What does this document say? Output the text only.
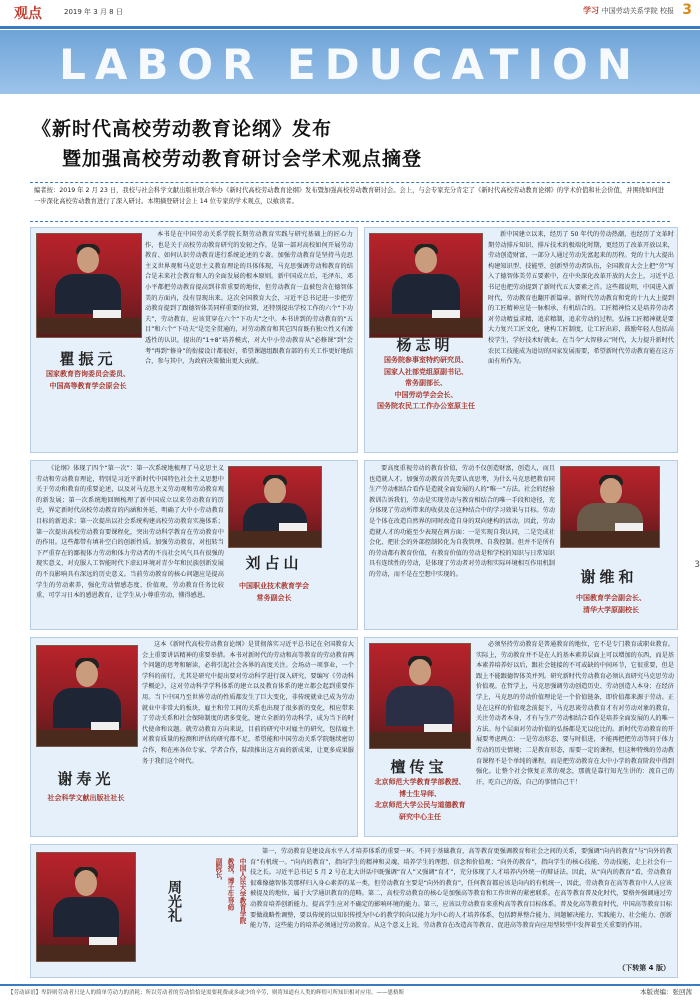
观点	2019 年 3 月 8 日	学习 中国劳动关系学院 校报 3
LABOR EDUCATION
《新时代高校劳动教育论纲》发布
暨加强高校劳动教育研讨会学术观点摘登
编者按：2019 年 2 月 23 日，我校与社会科学文献出版社联合举办《新时代高校劳动教育论纲》发布暨加强高校劳动教育研讨会。会上，与会专家充分肯定了《新时代高校劳动教育论纲》的学术价值和社会价值，并围绕如何进一步深化高校劳动教育进行了深入研讨。本期摘登研讨会上 14 位专家的学术观点，以飨读者。
瞿振元
国家教育咨询委员会委员、
中国高等教育学会原会长
本书是在中国劳动关系学院长期劳动教育实践与研究基础上的匠心力作，也是关于高校劳动教育研究的发轫之作，是第一部对高校如何开展劳动教育、如何认识劳动教育进行系统论述的专著。加强劳动教育是坚持马克思主义世界观和马克思主义教育理论的具体体现，马克思强调劳动和教育的结合是未来社会教育和人的全面发展的根本原则。新中国成立后，毛泽东、邓小平都把劳动教育提高到非常重要的地位，但劳动教育一直被包含在德智体美的方面内，没有显现出来。这次全国教育大会，习近平总书记进一步把劳动教育提到了跟德智体美同样重要的位置，还特别提出学校工作的六个“下功夫”，劳动教育，应该贯穿在六个“下功夫”之中。本书讲到的劳动教育的“五目”和六个“下功夫”是完全贯通的，对劳动教育和其它四育既有独立性又有渗透性的认识，提出的“1+8”培养模式，对大中小劳动教育从“必修课”到“会考”再到“修身”的衔接设计都很好，希望课题组跟教育部的有关工作更好地结合，参与其中，为政府决策做出更大贡献。
杨志明
国务院参事室特约研究员、
国家人社部党组原副书记、
常务副部长、
中国劳动学会会长、
国务院农民工工作办公室原主任
新中国建立以来，经历了 50 年代的劳动热潮，也经历了文革时期劳动排斥知识、排斥技术的极端化时期，更经历了改革开放以来，劳动创造财富，一部分人通过劳动先富起来的历程。党的十九大提出构建知识型、技能型、创新型劳动者队伍，全国教育大会上把“劳”写入了德智体美劳五要素中，在中央深化改革开放的大会上，习近平总书记也把劳动提到了新时代五大要素之首。这些都说明，中国进入新时代，劳动教育也翻开新篇章。新时代劳动教育和党的十九大上提到的工匠精神应是一脉相承，有机结合的。工匠精神恰又是培养劳动者对劳动精益求精，追求精制，追求劳动的过程。弘扬工匠精神就是要大力复兴工匠文化，建构工匠制度，让工匠出彩，鼓励年轻人包括高校学生，学好技术好就业。在当今“大智移云”时代，大力提升新时代农民工技能成为追切的国家发展需要，希望新时代劳动教育能在这方面有所作为。
《论纲》体现了四个“第一次”：第一次系统地梳理了马克思主义劳动和劳动教育理论，特别是习近平新时代中国特色社会主义思想中关于劳动和教育的重要论述，以及对马克思主义劳动观和劳动教育观的新发展；第一次系统地回顾梳理了新中国成立以来劳动教育的历史，界定新时代高校劳动教育的内涵和外延，明确了大中小劳动教育目标的新追求；第一次提出以社会系统构建高校劳动教育实施体系；第一次提出高校劳动教育要课程化，突出劳动科学教育在劳动教育中的作用。这些都带有填补空白的创新性质。加强劳动教育，对扭转当下严重存在的鄙视体力劳动和体力劳动者的不良社会风气具有很强的现实意义，对克服人工智能时代下虚幻环境对青少年和民族创新发展的不良影响具有深远的历史意义。当前劳动教育的核心问题应是提高学生的劳动素养，强化劳动情感态度、价值观，劳动教育任务比较重，可学习日本的感恩教育，让学生从小尊重劳动，懂得感恩。
刘占山
中国职业技术教育学会
常务副会长
要高度重视劳动的教育价值，劳动不仅创造财富，创造人，而且也造就人才。加强劳动教育首先要认真思考，为什么马克思把教育同生产劳动相结合看作是造就全面发展的人的“唯一”方法。社会的经验教训告诉我们，劳动是实现劳动与教育相结合的唯一手段和途径，充分体现了劳动所带来的收获及在这种结合中的学习效果与目标。劳动是个体在改造自然界的同时改造自身的双向建构的活动，因此，劳动造就人才的功能至少表现在两方面：一是实现自我认同，二是完成社会化、把社会的外部控制转化为自我管理、自我控制。但并不是所有的劳动都有教育价值，有教育价值的劳动是和学校的知识与日常知识具有连续性的劳动，是体现了劳动者对劳动和实际环境相互作用机制的劳动，而不是在空想中实现的。	谢维和
中国教育学会副会长、
清华大学原副校长
谢寿光
社会科学文献出版社社长
这本《新时代高校劳动教育论纲》是贯彻落实习近平总书记在全国教育大会上重要讲话精神的重要举措。本书对新时代的劳动和高等教育的劳动教育两个问题的思考和解读，必将引起社会各界的高度关注。会场动一项事业，一个学科的前行，尤其是研究中提出要对劳动科学进行深入研究，要编写《劳动科学概论》，这对劳动科学学科体系的建立以及教育体系的建立都会起到重要作用。当下中国乃至世界劳动的性质都发生了巨大变化，非传统就业已成为劳动就业中非常大的板块，雇主和劳工间的关系也出现了很多新的变化，相应带来了劳动关系和社会保障制度的诸多变化，建立全新的劳动科学，成为当下的时代使命和议题。就劳动教育方向来说，目前的研究中对雇主的研究，包括雇主对教育质量的检测和评估的研究都不足，希望能和中国劳动关系学院继续密切合作，和在座各位专家、学者合作，陆续推出这方面的新成果，让更多成果服务于我们这个时代。	檀传宝
北京师范大学教育学部教授、
博士生导师、
北京师范大学公民与道德教育
研究中心主任
必须坚持劳动教育是普通教育的地位，它不是专门教育或职业教育。实际上，劳动教育并不是在人的基本素养层面上可以增加的东西，而是基本素养培养好以后，跟社会链接的不可或缺的中间环节，它很重要，但是跟上不能跟德智体美并列。研究新时代劳动教育必须认真研究马克思劳动价值观。在哲学上，马克思强调劳动创造历史、劳动创造人本身；在经济学上，马克思的劳动价值理论是一个价值链条，即价值都来源于劳动。正是在这样的价值观念前提下，马克思谈劳动教育才有对劳动对象的教育，关注劳动者本身，才有与生产劳动相结合看作是培养全面发展的人的唯一方法。每个层面对劳动价值的弘扬都是无以伦比的。新时代劳动教育的开展要考虑两点：一是劳动形态，要与时俱进，不能再把把劳动等同于体力劳动的历史情境；二是教育形态，需要一定的课程，但这种特殊的劳动教育课程不是个单纯的课程，而是把劳动教育在大中小学的教育阶段中得到强化。让整个社会恢复正常的观念，那就是靠行知光生讲的：流自己的汗，吃自己的饭，自己的事情自己干！
周光礼	中国人民大学教育学院
教授，博士生导师
副院长，
第一，劳动教育是建设高水平人才培养体系的重要一环。不同于基础教育，高等教育更强调教育和社会之间的关系，要强调“向内的教育”与“向外的教育”有机统一。“向内的教育”，指向学生的精神和灵魂，培养学生的理想、信念和价值观；“向外的教育”，指向学生的核心技能、劳动技能，走上社会有一技之长。习近平总书记 5 月 2 号在北大讲话中既强调“育人”又强调“育才”，充分体现了人才培养内外统一的辩证法。因此，从“向内的教育”看，劳动教育很难像德智体美那样归入身心素养的某一类，但劳动教育主要是“向外的教育”，任何教育都应该是向内的有机统一，因此，劳动教育在高等教育中人人应该被提及的地位，属于大学通识教育的范畴。第二，高校劳动教育的核心是加强高等教育和工作世界的紧密联系。在高等教育普及化时代，要格外强调通过劳动教育培养创新能力，提高学生应对不确定的影响环境的能力。第三，应该以劳动教育来重构高等教育目标体系。普及化高等教育时代，中国高等教育目标要做战略性调整，要以传统的以知识传授为中心的教学转向以能力为中心的人才培养体系，包括跨界整合能力、问题解决能力、实践能力、社会能力、创新能力等，这些能力的培养必须通过劳动教育。从这个意义上说，劳动教育在改造高等教育、促进高等教育向应用型转型中发挥着至关重要的作用。
（下转第 4 版）
3
【劳动谚语】卑辞则劳动者只是人的简单劳动力的消耗；所以劳动者的劳动恰恰是需要耗费或多或少的辛劳，则将知道有人类的辉煌可所知识相对应用。——恩格斯	本版责编：张回茜
